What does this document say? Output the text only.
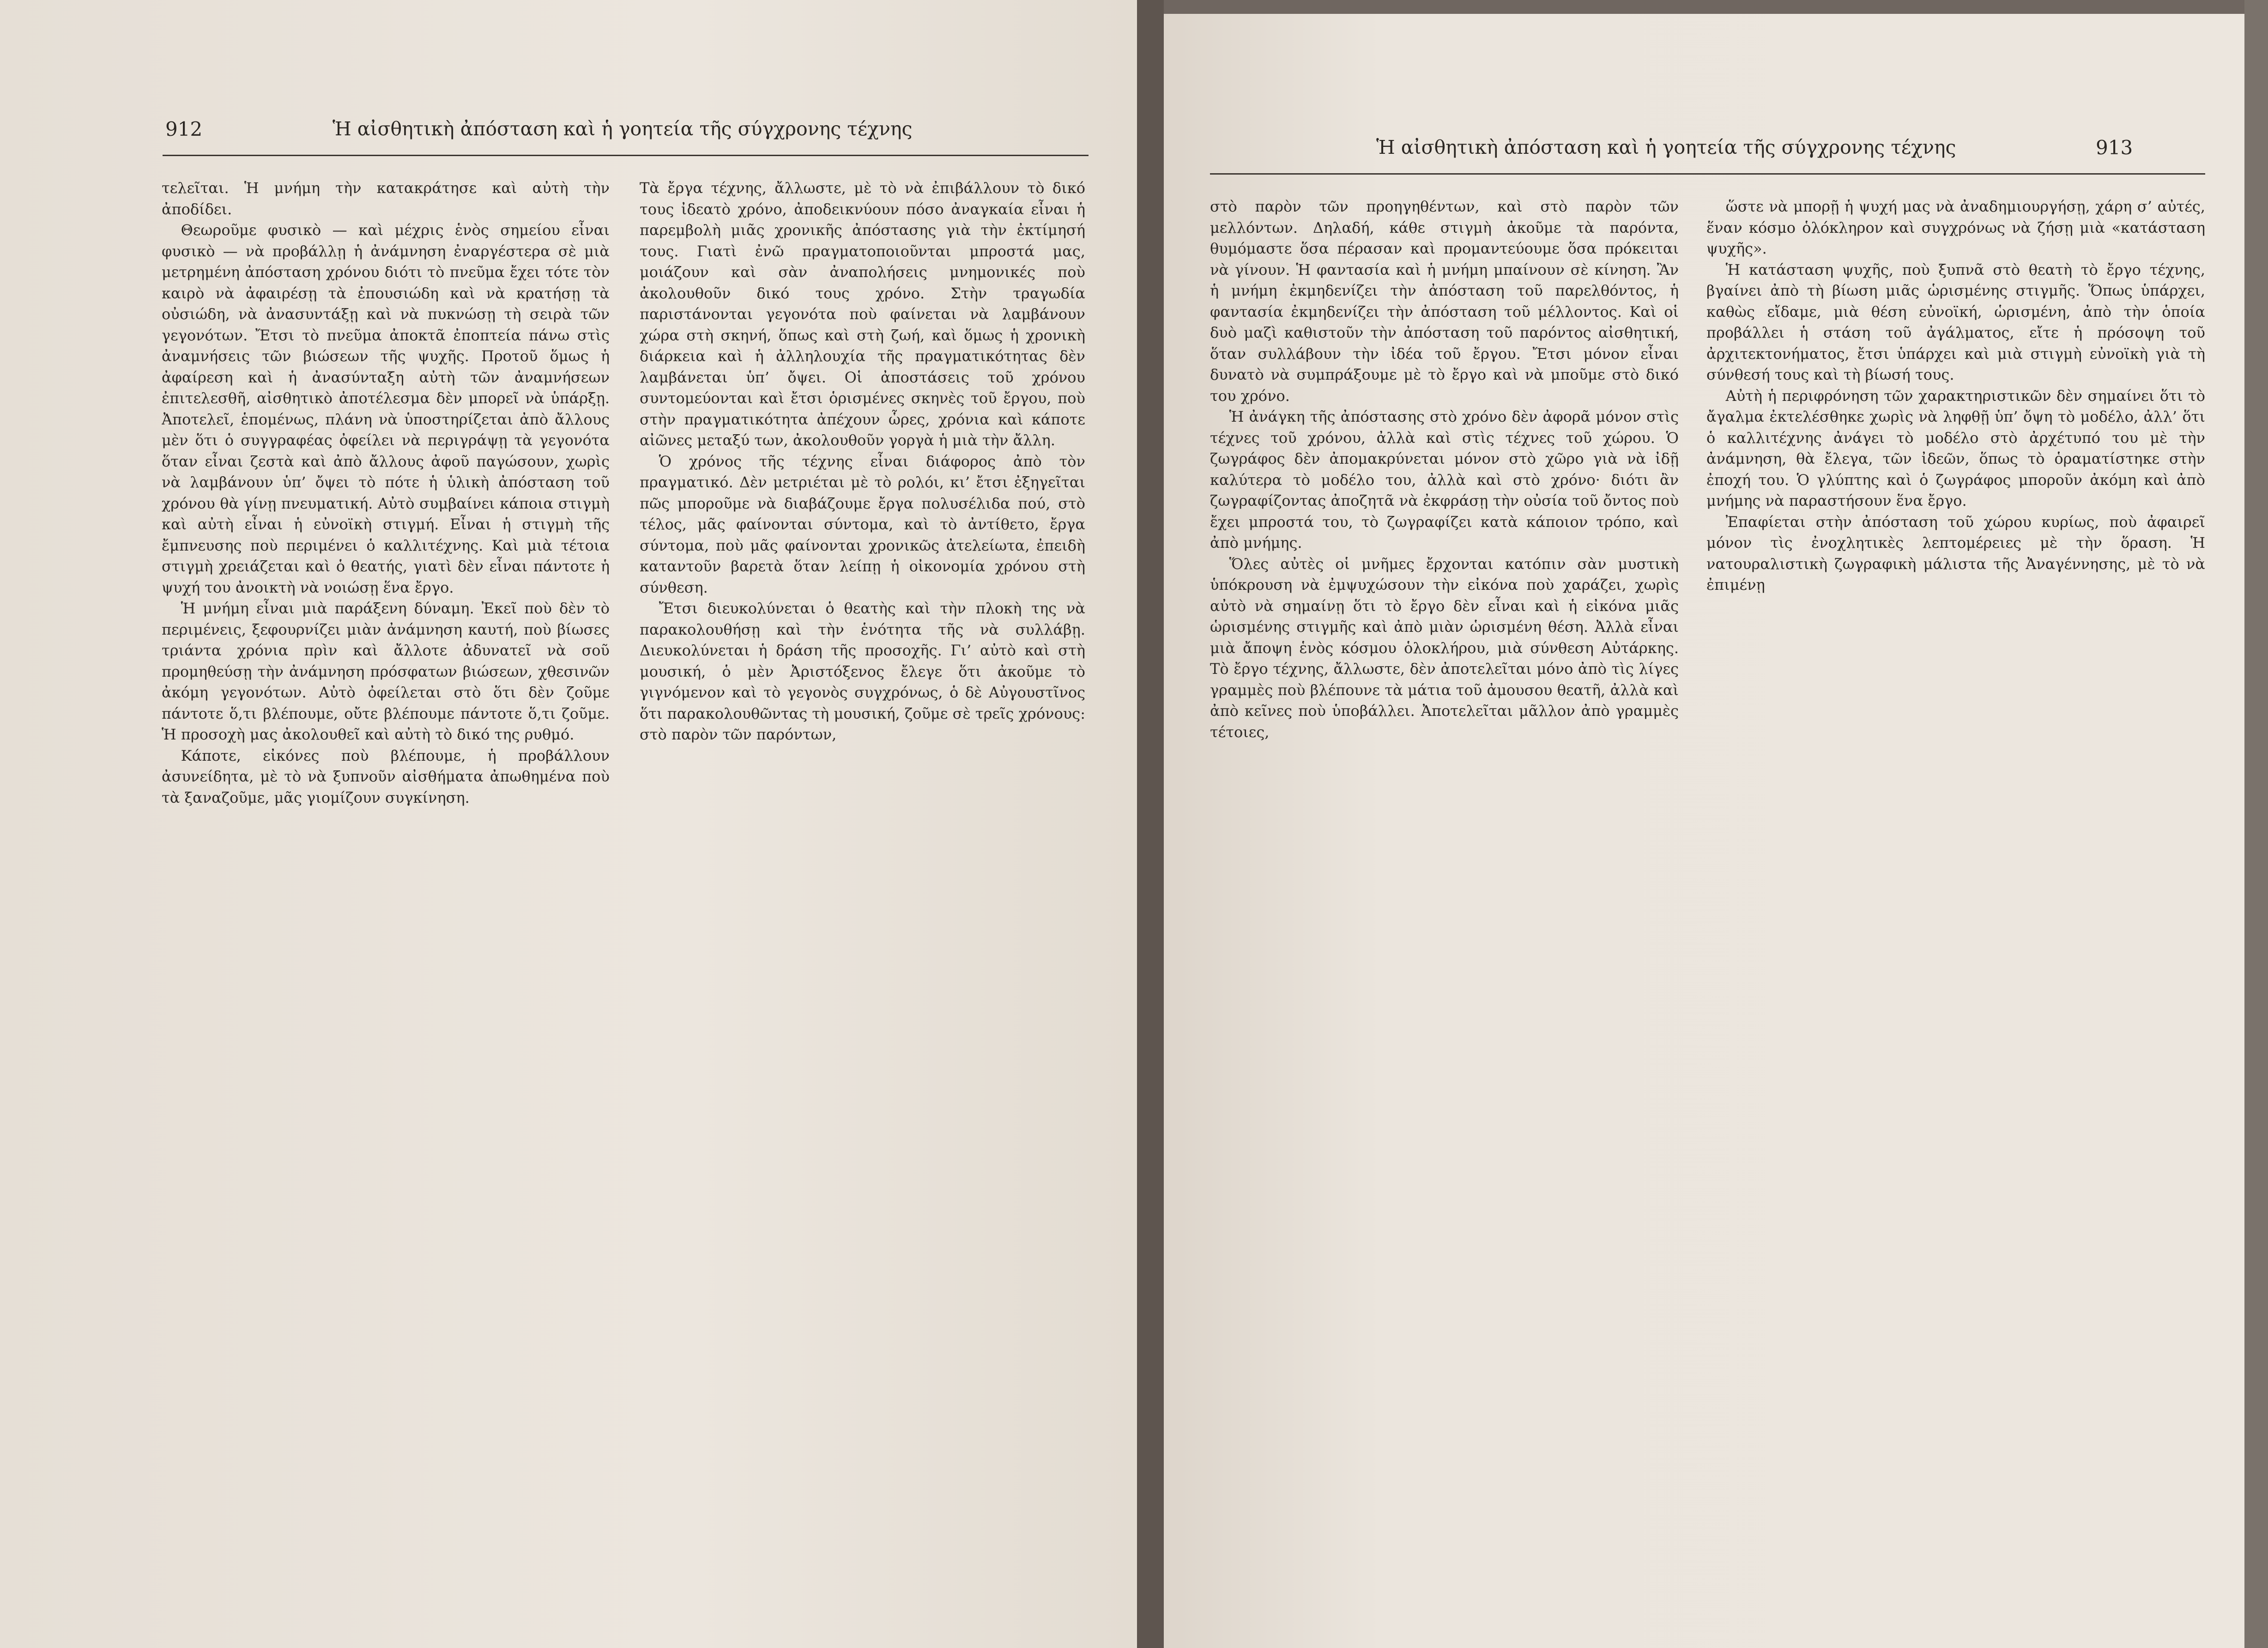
912	Ἡ αἰσθητικὴ ἀπόσταση καὶ ἡ γοητεία τῆς σύγχρονης τέχνης

τελεῖται. Ἡ μνήμη τὴν κατακράτησε καὶ αὐτὴ τὴν ἀποδίδει.

Θεωροῦμε φυσικὸ — καὶ μέχρις ἑνὸς σημείου εἶναι φυσικὸ — νὰ προβάλλῃ ἡ ἀνάμνηση ἐναργέστερα σὲ μιὰ μετρημένη ἀπόσταση χρόνου διότι τὸ πνεῦμα ἔχει τότε τὸν καιρὸ νὰ ἀφαιρέσῃ τὰ ἐπουσιώδη καὶ νὰ κρατήσῃ τὰ οὐσιώδη, νὰ ἀνασυντάξῃ καὶ νὰ πυκνώσῃ τὴ σειρὰ τῶν γεγονότων. Ἔτσι τὸ πνεῦμα ἀποκτᾶ ἐποπτεία πάνω στὶς ἀναμνήσεις τῶν βιώσεων τῆς ψυχῆς. Προτοῦ ὅμως ἡ ἀφαίρεση καὶ ἡ ἀνασύνταξη αὐτὴ τῶν ἀναμνήσεων ἐπιτελεσθῆ, αἰσθητικὸ ἀποτέλεσμα δὲν μπορεῖ νὰ ὑπάρξῃ. Ἀποτελεῖ, ἑπομένως, πλάνη νὰ ὑποστηρίζεται ἀπὸ ἄλλους μὲν ὅτι ὁ συγγραφέας ὀφείλει νὰ περιγράψῃ τὰ γεγονότα ὅταν εἶναι ζεστὰ καὶ ἀπὸ ἄλλους ἀφοῦ παγώσουν, χωρὶς νὰ λαμβάνουν ὑπ’ ὄψει τὸ πότε ἡ ὑλικὴ ἀπόσταση τοῦ χρόνου θὰ γίνῃ πνευματική. Αὐτὸ συμβαίνει κάποια στιγμὴ καὶ αὐτὴ εἶναι ἡ εὐνοϊκὴ στιγμή. Εἶναι ἡ στιγμὴ τῆς ἔμπνευσης ποὺ περιμένει ὁ καλλιτέχνης. Καὶ μιὰ τέτοια στιγμὴ χρειάζεται καὶ ὁ θεατής, γιατὶ δὲν εἶναι πάντοτε ἡ ψυχή του ἀνοικτὴ νὰ νοιώσῃ ἕνα ἔργο.

Ἡ μνήμη εἶναι μιὰ παράξενη δύναμη. Ἐκεῖ ποὺ δὲν τὸ περιμένεις, ξεφουρνίζει μιὰν ἀνάμνηση καυτή, ποὺ βίωσες τριάντα χρόνια πρὶν καὶ ἄλλοτε ἀδυνατεῖ νὰ σοῦ προμηθεύσῃ τὴν ἀνάμνηση πρόσφατων βιώσεων, χθεσινῶν ἀκόμη γεγονότων. Αὐτὸ ὀφείλεται στὸ ὅτι δὲν ζοῦμε πάντοτε ὅ,τι βλέπουμε, οὔτε βλέπουμε πάντοτε ὅ,τι ζοῦμε. Ἡ προσοχὴ μας ἀκολουθεῖ καὶ αὐτὴ τὸ δικό της ρυθμό.

Κάποτε, εἰκόνες ποὺ βλέπουμε, ἡ προβάλλουν ἀσυνείδητα, μὲ τὸ νὰ ξυπνοῦν αἰσθήματα ἀπωθημένα ποὺ τὰ ξαναζοῦμε, μᾶς γιομίζουν συγκίνηση.

Τὰ ἔργα τέχνης, ἄλλωστε, μὲ τὸ νὰ ἐπιβάλλουν τὸ δικό τους ἰδεατὸ χρόνο, ἀποδεικνύουν πόσο ἀναγκαία εἶναι ἡ παρεμβολὴ μιᾶς χρονικῆς ἀπόστασης γιὰ τὴν ἐκτίμησή τους. Γιατὶ ἐνῶ πραγματοποιοῦνται μπροστά μας, μοιάζουν καὶ σὰν ἀναπολήσεις μνημονικές ποὺ ἀκολουθοῦν δικό τους χρόνο. Στὴν τραγωδία παριστάνονται γεγονότα ποὺ φαίνεται νὰ λαμβάνουν χώρα στὴ σκηνή, ὅπως καὶ στὴ ζωή, καὶ ὅμως ἡ χρονικὴ διάρκεια καὶ ἡ ἀλληλουχία τῆς πραγματικότητας δὲν λαμβάνεται ὑπ’ ὄψει. Οἱ ἀποστάσεις τοῦ χρόνου συντομεύονται καὶ ἔτσι ὁρισμένες σκηνὲς τοῦ ἔργου, ποὺ στὴν πραγματικότητα ἀπέχουν ὧρες, χρόνια καὶ κάποτε αἰῶνες μεταξύ των, ἀκολουθοῦν γοργὰ ἡ μιὰ τὴν ἄλλη.

Ὁ χρόνος τῆς τέχνης εἶναι διάφορος ἀπὸ τὸν πραγματικό. Δὲν μετριέται μὲ τὸ ρολόι, κι’ ἔτσι ἐξηγεῖται πῶς μποροῦμε νὰ διαβάζουμε ἔργα πολυσέλιδα πού, στὸ τέλος, μᾶς φαίνονται σύντομα, καὶ τὸ ἀντίθετο, ἔργα σύντομα, ποὺ μᾶς φαίνονται χρονικῶς ἀτελείωτα, ἐπειδὴ καταντοῦν βαρετὰ ὅταν λείπῃ ἡ οἰκονομία χρόνου στὴ σύνθεση.

Ἔτσι διευκολύνεται ὁ θεατὴς καὶ τὴν πλοκὴ της νὰ παρακολουθήσῃ καὶ τὴν ἑνότητα τῆς νὰ συλλάβῃ. Διευκολύνεται ἡ δράση τῆς προσοχῆς. Γι’ αὐτὸ καὶ στὴ μουσική, ὁ μὲν Ἀριστόξενος ἔλεγε ὅτι ἀκοῦμε τὸ γιγνόμενον καὶ τὸ γεγονὸς συγχρόνως, ὁ δὲ Αὐγουστῖνος ὅτι παρακολουθῶντας τὴ μουσική, ζοῦμε σὲ τρεῖς χρόνους: στὸ παρὸν τῶν παρόντων,

Ἡ αἰσθητικὴ ἀπόσταση καὶ ἡ γοητεία τῆς σύγχρονης τέχνης	913

στὸ παρὸν τῶν προηγηθέντων, καὶ στὸ παρὸν τῶν μελλόντων. Δηλαδή, κάθε στιγμὴ ἀκοῦμε τὰ παρόντα, θυμόμαστε ὅσα πέρασαν καὶ προμαντεύουμε ὅσα πρόκειται νὰ γίνουν. Ἡ φαντασία καὶ ἡ μνήμη μπαίνουν σὲ κίνηση. Ἂν ἡ μνήμη ἐκμηδενίζει τὴν ἀπόσταση τοῦ παρελθόντος, ἡ φαντασία ἐκμηδενίζει τὴν ἀπόσταση τοῦ μέλλοντος. Καὶ οἱ δυὸ μαζὶ καθιστοῦν τὴν ἀπόσταση τοῦ παρόντος αἰσθητική, ὅταν συλλάβουν τὴν ἰδέα τοῦ ἔργου. Ἔτσι μόνον εἶναι δυνατὸ νὰ συμπράξουμε μὲ τὸ ἔργο καὶ νὰ μποῦμε στὸ δικό του χρόνο.

Ἡ ἀνάγκη τῆς ἀπόστασης στὸ χρόνο δὲν ἀφορᾶ μόνον στὶς τέχνες τοῦ χρόνου, ἀλλὰ καὶ στὶς τέχνες τοῦ χώρου. Ὁ ζωγράφος δὲν ἀπομακρύνεται μόνον στὸ χῶρο γιὰ νὰ ἰδῇ καλύτερα τὸ μοδέλο του, ἀλλὰ καὶ στὸ χρόνο· διότι ἂν ζωγραφίζοντας ἀποζητᾶ νὰ ἐκφράσῃ τὴν οὐσία τοῦ ὄντος ποὺ ἔχει μπροστά του, τὸ ζωγραφίζει κατὰ κάποιον τρόπο, καὶ ἀπὸ μνήμης.

Ὅλες αὐτὲς οἱ μνῆμες ἔρχονται κατόπιν σὰν μυστικὴ ὑπόκρουση νὰ ἐμψυχώσουν τὴν εἰκόνα ποὺ χαράζει, χωρὶς αὐτὸ νὰ σημαίνῃ ὅτι τὸ ἔργο δὲν εἶναι καὶ ἡ εἰκόνα μιᾶς ὡρισμένης στιγμῆς καὶ ἀπὸ μιὰν ὡρισμένη θέση. Ἀλλὰ εἶναι μιὰ ἄποψη ἑνὸς κόσμου ὁλοκλήρου, μιὰ σύνθεση Αὐτάρκης. Τὸ ἔργο τέχνης, ἄλλωστε, δὲν ἀποτελεῖται μόνο ἀπὸ τὶς λίγες γραμμὲς ποὺ βλέπουνε τὰ μάτια τοῦ ἀμουσου θεατῆ, ἀλλὰ καὶ ἀπὸ κεῖνες ποὺ ὑποβάλλει. Ἀποτελεῖται μᾶλλον ἀπὸ γραμμὲς τέτοιες,

ὥστε νὰ μπορῇ ἡ ψυχή μας νὰ ἀναδημιουργήσῃ, χάρη σ’ αὐτές, ἕναν κόσμο ὁλόκληρον καὶ συγχρόνως νὰ ζήσῃ μιὰ «κατάσταση ψυχῆς».

Ἡ κατάσταση ψυχῆς, ποὺ ξυπνᾶ στὸ θεατὴ τὸ ἔργο τέχνης, βγαίνει ἀπὸ τὴ βίωση μιᾶς ὡρισμένης στιγμῆς. Ὅπως ὑπάρχει, καθὼς εἴδαμε, μιὰ θέση εὐνοϊκή, ὡρισμένη, ἀπὸ τὴν ὁποία προβάλλει ἡ στάση τοῦ ἀγάλματος, εἴτε ἡ πρόσοψη τοῦ ἀρχιτεκτονήματος, ἔτσι ὑπάρχει καὶ μιὰ στιγμὴ εὐνοϊκὴ γιὰ τὴ σύνθεσή τους καὶ τὴ βίωσή τους.

Αὐτὴ ἡ περιφρόνηση τῶν χαρακτηριστικῶν δὲν σημαίνει ὅτι τὸ ἄγαλμα ἐκτελέσθηκε χωρὶς νὰ ληφθῇ ὑπ’ ὄψη τὸ μοδέλο, ἀλλ’ ὅτι ὁ καλλιτέχνης ἀνάγει τὸ μοδέλο στὸ ἀρχέτυπό του μὲ τὴν ἀνάμνηση, θὰ ἔλεγα, τῶν ἰδεῶν, ὅπως τὸ ὁραματίστηκε στὴν ἐποχή του. Ὁ γλύπτης καὶ ὁ ζωγράφος μποροῦν ἀκόμη καὶ ἀπὸ μνήμης νὰ παραστήσουν ἕνα ἔργο.

Ἐπαφίεται στὴν ἀπόσταση τοῦ χώρου κυρίως, ποὺ ἀφαιρεῖ μόνον τὶς ἐνοχλητικὲς λεπτομέρειες μὲ τὴν ὅραση. Ἡ νατουραλιστικὴ ζωγραφικὴ μάλιστα τῆς Ἀναγέννησης, μὲ τὸ νὰ ἐπιμένῃ
